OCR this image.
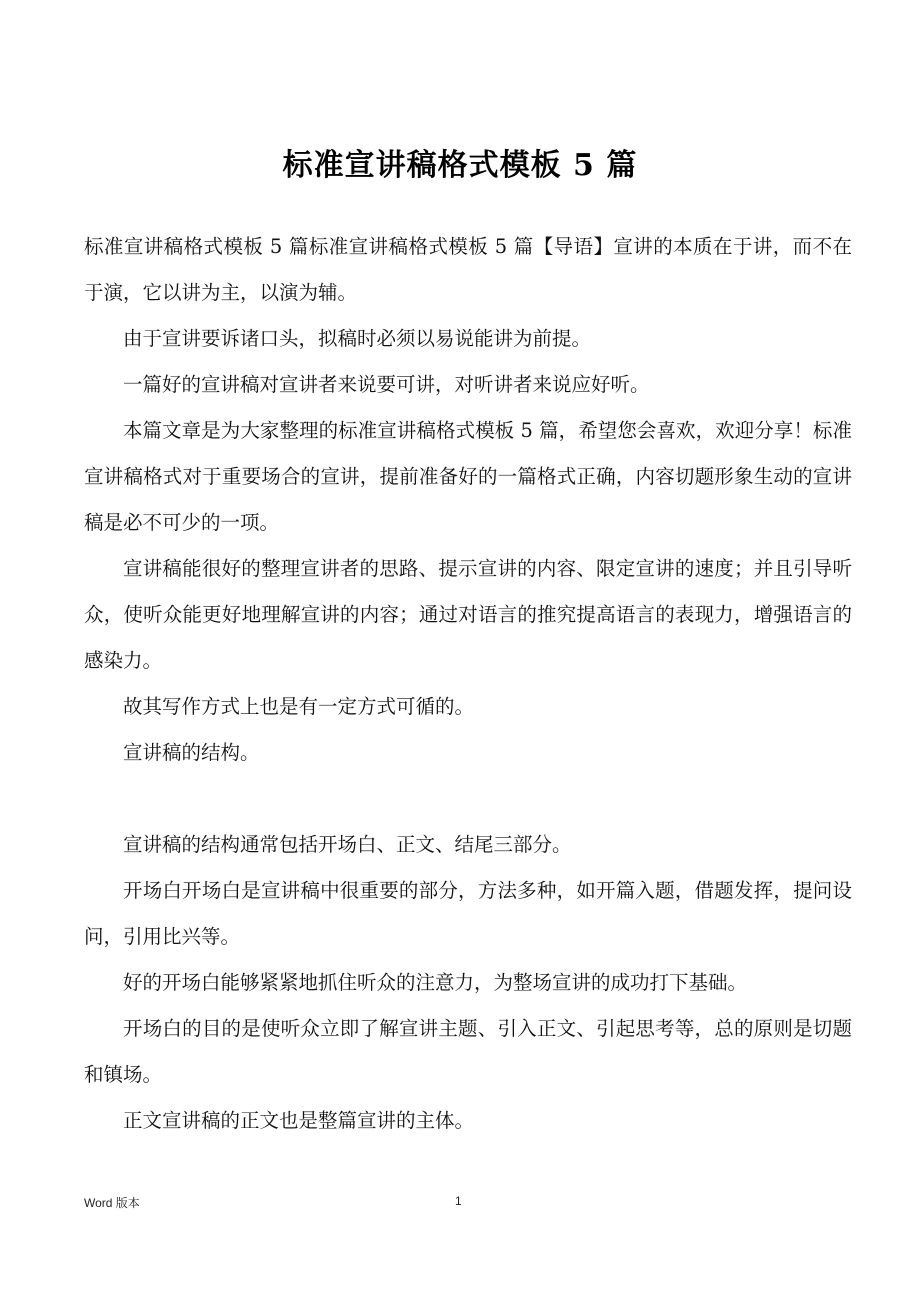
标准宣讲稿格式模板 5 篇

标准宣讲稿格式模板 5 篇标准宣讲稿格式模板 5 篇【导语】宣讲的本质在于讲，而不在于演，它以讲为主，以演为辅。

由于宣讲要诉诸口头，拟稿时必须以易说能讲为前提。

一篇好的宣讲稿对宣讲者来说要可讲，对听讲者来说应好听。

本篇文章是为大家整理的标准宣讲稿格式模板 5 篇，希望您会喜欢，欢迎分享！标准宣讲稿格式对于重要场合的宣讲，提前准备好的一篇格式正确，内容切题形象生动的宣讲稿是必不可少的一项。

宣讲稿能很好的整理宣讲者的思路、提示宣讲的内容、限定宣讲的速度；并且引导听众，使听众能更好地理解宣讲的内容；通过对语言的推究提高语言的表现力，增强语言的感染力。

故其写作方式上也是有一定方式可循的。

宣讲稿的结构。

宣讲稿的结构通常包括开场白、正文、结尾三部分。

开场白开场白是宣讲稿中很重要的部分，方法多种，如开篇入题，借题发挥，提问设问，引用比兴等。

好的开场白能够紧紧地抓住听众的注意力，为整场宣讲的成功打下基础。

开场白的目的是使听众立即了解宣讲主题、引入正文、引起思考等，总的原则是切题和镇场。

正文宣讲稿的正文也是整篇宣讲的主体。

Word 版本	1
